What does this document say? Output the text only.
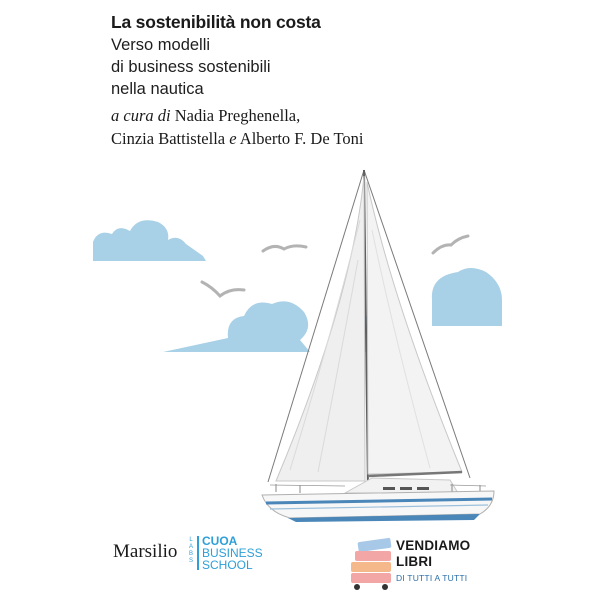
La sostenibilità non costa
Verso modelli
di business sostenibili
nella nautica
a cura di Nadia Preghenella,
Cinzia Battistella e Alberto F. De Toni
Marsilio
L
A
B
S
CUOA
BUSINESS
SCHOOL
VENDIAMO
LIBRI
DI TUTTI A TUTTI
